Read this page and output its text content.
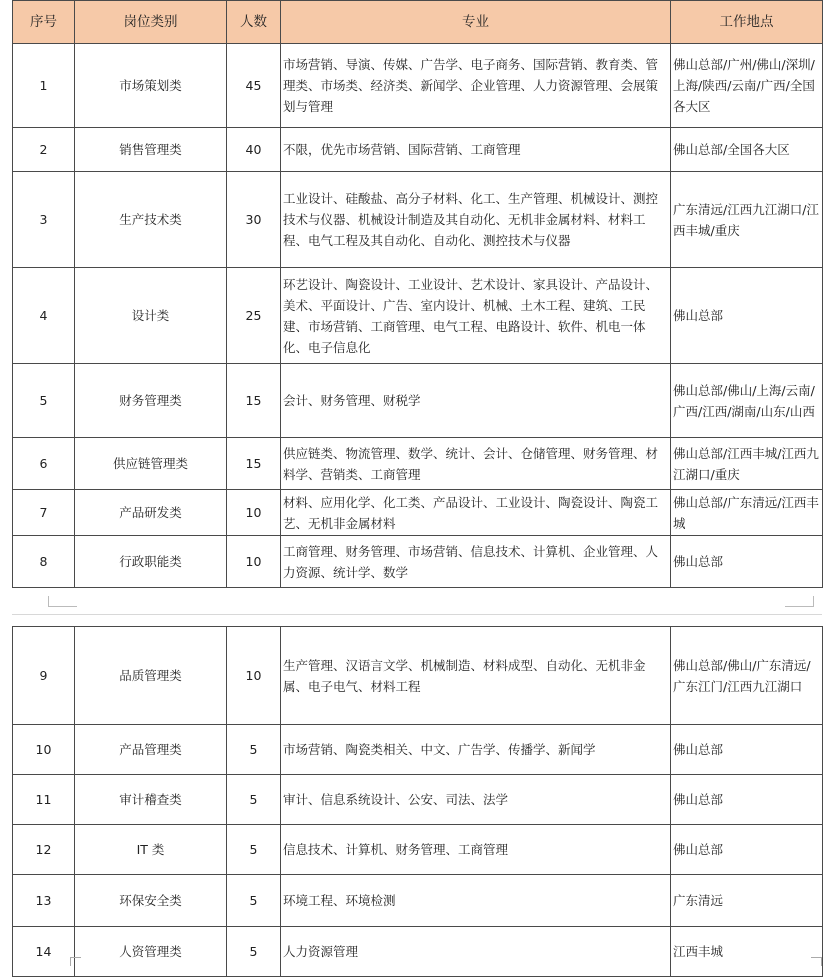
序号	岗位类别	人数	专业	工作地点
1	市场策划类	45	市场营销、导演、传媒、广告学、电子商务、国际营销、教育类、管理类、市场类、经济类、新闻学、企业管理、人力资源管理、会展策划与管理	佛山总部/广州/佛山/深圳/上海/陕西/云南/广西/全国各大区
2	销售管理类	40	不限，优先市场营销、国际营销、工商管理	佛山总部/全国各大区
3	生产技术类	30	工业设计、硅酸盐、高分子材料、化工、生产管理、机械设计、测控技术与仪器、机械设计制造及其自动化、无机非金属材料、材料工程、电气工程及其自动化、自动化、测控技术与仪器	广东清远/江西九江湖口/江西丰城/重庆
4	设计类	25	环艺设计、陶瓷设计、工业设计、艺术设计、家具设计、产品设计、美术、平面设计、广告、室内设计、机械、土木工程、建筑、工民建、市场营销、工商管理、电气工程、电路设计、软件、机电一体化、电子信息化	佛山总部
5	财务管理类	15	会计、财务管理、财税学	佛山总部/佛山/上海/云南/广西/江西/湖南/山东/山西
6	供应链管理类	15	供应链类、物流管理、数学、统计、会计、仓储管理、财务管理、材料学、营销类、工商管理	佛山总部/江西丰城/江西九江湖口/重庆
7	产品研发类	10	材料、应用化学、化工类、产品设计、工业设计、陶瓷设计、陶瓷工艺、无机非金属材料	佛山总部/广东清远/江西丰城
8	行政职能类	10	工商管理、财务管理、市场营销、信息技术、计算机、企业管理、人力资源、统计学、数学	佛山总部
9	品质管理类	10	生产管理、汉语言文学、机械制造、材料成型、自动化、无机非金属、电子电气、材料工程	佛山总部/佛山/广东清远/广东江门/江西九江湖口
10	产品管理类	5	市场营销、陶瓷类相关、中文、广告学、传播学、新闻学	佛山总部
11	审计稽查类	5	审计、信息系统设计、公安、司法、法学	佛山总部
12	IT 类	5	信息技术、计算机、财务管理、工商管理	佛山总部
13	环保安全类	5	环境工程、环境检测	广东清远
14	人资管理类	5	人力资源管理	江西丰城
